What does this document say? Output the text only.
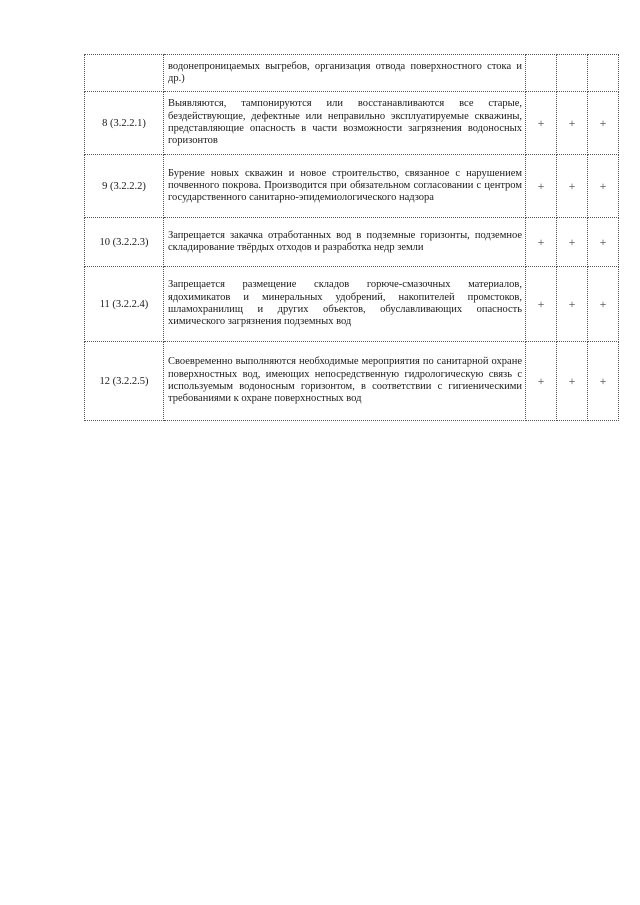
	водонепроницаемых выгребов, организация отвода поверхностного стока и др.)			
8 (3.2.2.1)	Выявляются, тампонируются или восстанавливаются все старые, бездействующие, дефектные или неправильно эксплуатируемые скважины, представляющие опасность в части возможности загрязнения водоносных горизонтов	+	+	+
9 (3.2.2.2)	Бурение новых скважин и новое строительство, связанное с нарушением почвенного покрова. Производится при обязательном согласовании с центром государственного санитарно-эпидемиологического надзора	+	+	+
10 (3.2.2.3)	Запрещается закачка отработанных вод в подземные горизонты, подземное складирование твёрдых отходов и разработка недр земли	+	+	+
11 (3.2.2.4)	Запрещается размещение складов горюче-смазочных материалов, ядохимикатов и минеральных удобрений, накопителей промстоков, шламохранилищ и других объектов, обуславливающих опасность химического загрязнения подземных вод	+	+	+
12 (3.2.2.5)	Своевременно выполняются необходимые мероприятия по санитарной охране поверхностных вод, имеющих непосредственную гидрологическую связь с используемым водоносным горизонтом, в соответствии с гигиеническими требованиями к охране поверхностных вод	+	+	+
